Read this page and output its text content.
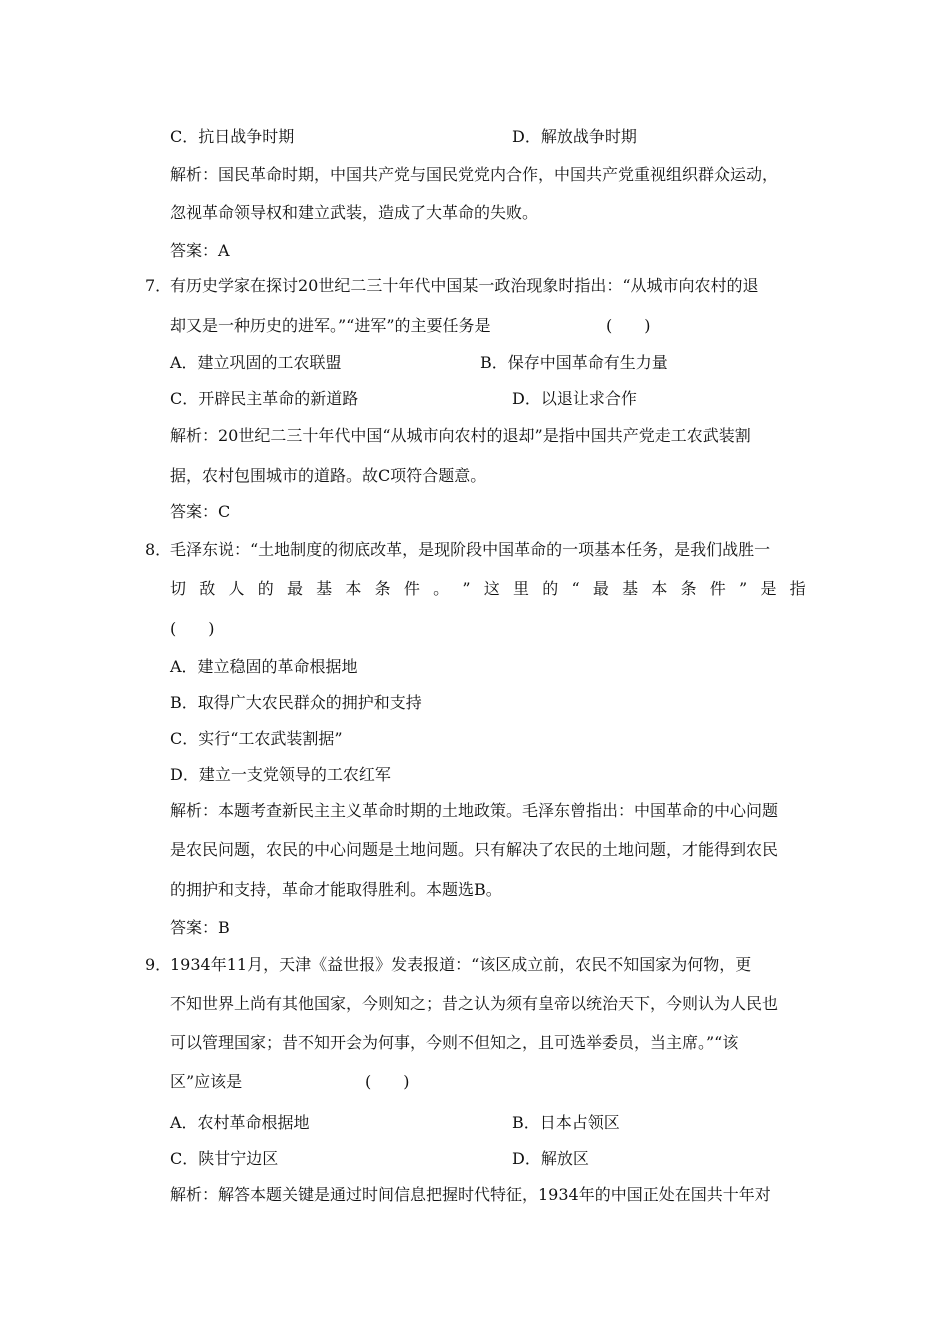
C．抗日战争时期	D．解放战争时期
解析：国民革命时期，中国共产党与国民党党内合作，中国共产党重视组织群众运动，
忽视革命领导权和建立武装，造成了大革命的失败。
答案：A
7．
有历史学家在探讨20世纪二三十年代中国某一政治现象时指出：“从城市向农村的退
却又是一种历史的进军。”“进军”的主要任务是	(　　)
A．建立巩固的工农联盟	B．保存中国革命有生力量
C．开辟民主革命的新道路	D．以退让求合作
解析：20世纪二三十年代中国“从城市向农村的退却”是指中国共产党走工农武装割
据，农村包围城市的道路。故C项符合题意。
答案：C
8．
毛泽东说：“土地制度的彻底改革，是现阶段中国革命的一项基本任务，是我们战胜一
切 敌 人 的 最 基 本 条 件 。 ” 这 里 的 “ 最 基 本 条 件 ” 是 指
(　　)
A．建立稳固的革命根据地
B．取得广大农民群众的拥护和支持
C．实行“工农武装割据”
D．建立一支党领导的工农红军
解析：本题考查新民主主义革命时期的土地政策。毛泽东曾指出：中国革命的中心问题
是农民问题，农民的中心问题是土地问题。只有解决了农民的土地问题，才能得到农民
的拥护和支持，革命才能取得胜利。本题选B。
答案：B
9．
1934年11月，天津《益世报》发表报道：“该区成立前，农民不知国家为何物，更
不知世界上尚有其他国家，今则知之；昔之认为须有皇帝以统治天下，今则认为人民也
可以管理国家；昔不知开会为何事，今则不但知之，且可选举委员，当主席。”“该
区”应该是	(　　)
A．农村革命根据地	B．日本占领区
C．陕甘宁边区	D．解放区
解析：解答本题关键是通过时间信息把握时代特征，1934年的中国正处在国共十年对
